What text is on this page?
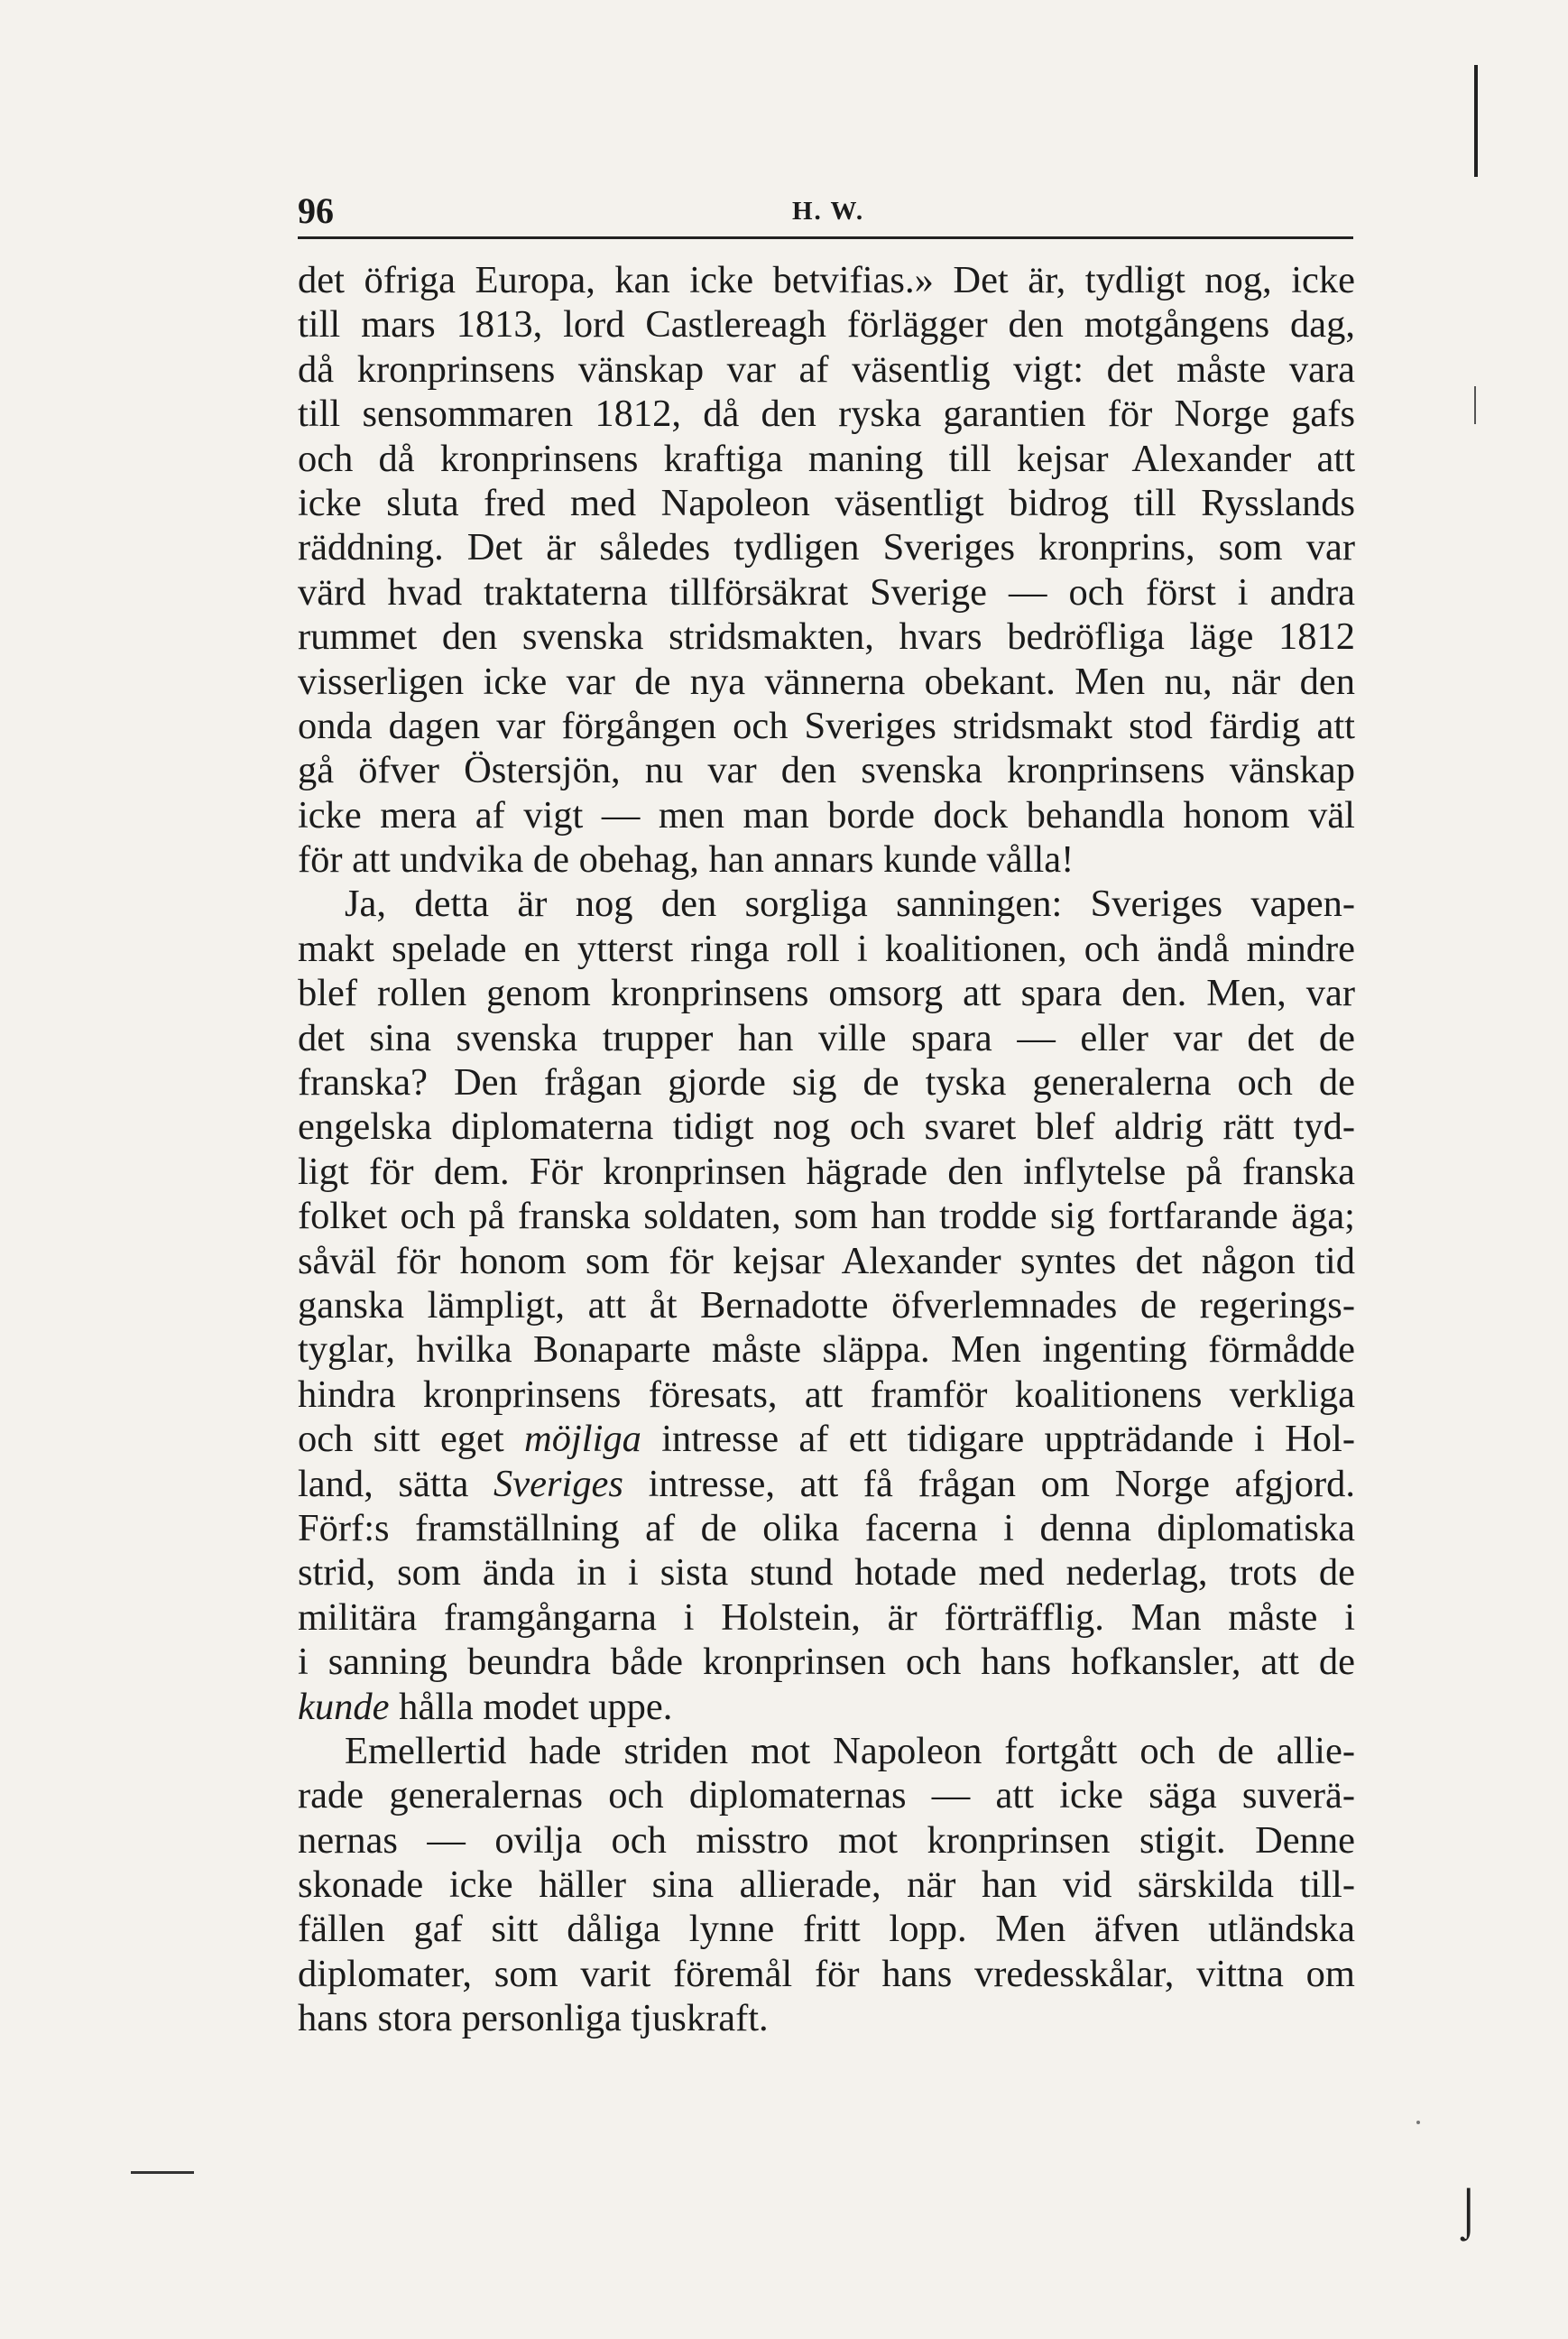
96	H. W.
det öfriga Europa, kan icke betvifias.» Det är, tydligt nog, icke
till mars 1813, lord Castlereagh förlägger den motgångens dag,
då kronprinsens vänskap var af väsentlig vigt: det måste vara
till sensommaren 1812, då den ryska garantien för Norge gafs
och då kronprinsens kraftiga maning till kejsar Alexander att
icke sluta fred med Napoleon väsentligt bidrog till Rysslands
räddning. Det är således tydligen Sveriges kronprins, som var
värd hvad traktaterna tillförsäkrat Sverige — och först i andra
rummet den svenska stridsmakten, hvars bedröfliga läge 1812
visserligen icke var de nya vännerna obekant. Men nu, när den
onda dagen var förgången och Sveriges stridsmakt stod färdig att
gå öfver Östersjön, nu var den svenska kronprinsens vänskap
icke mera af vigt — men man borde dock behandla honom väl
för att undvika de obehag, han annars kunde vålla!
Ja, detta är nog den sorgliga sanningen: Sveriges vapen-
makt spelade en ytterst ringa roll i koalitionen, och ändå mindre
blef rollen genom kronprinsens omsorg att spara den. Men, var
det sina svenska trupper han ville spara — eller var det de
franska? Den frågan gjorde sig de tyska generalerna och de
engelska diplomaterna tidigt nog och svaret blef aldrig rätt tyd-
ligt för dem. För kronprinsen hägrade den inflytelse på franska
folket och på franska soldaten, som han trodde sig fortfarande äga;
såväl för honom som för kejsar Alexander syntes det någon tid
ganska lämpligt, att åt Bernadotte öfverlemnades de regerings-
tyglar, hvilka Bonaparte måste släppa. Men ingenting förmådde
hindra kronprinsens föresats, att framför koalitionens verkliga
och sitt eget möjliga intresse af ett tidigare uppträdande i Hol-
land, sätta Sveriges intresse, att få frågan om Norge afgjord.
Förf:s framställning af de olika facerna i denna diplomatiska
strid, som ända in i sista stund hotade med nederlag, trots de
militära framgångarna i Holstein, är förträfflig. Man måste i
i sanning beundra både kronprinsen och hans hofkansler, att de
kunde hålla modet uppe.
Emellertid hade striden mot Napoleon fortgått och de allie-
rade generalernas och diplomaternas — att icke säga suverä-
nernas — ovilja och misstro mot kronprinsen stigit. Denne
skonade icke häller sina allierade, när han vid särskilda till-
fällen gaf sitt dåliga lynne fritt lopp. Men äfven utländska
diplomater, som varit föremål för hans vredesskålar, vittna om
hans stora personliga tjuskraft.
⌡
